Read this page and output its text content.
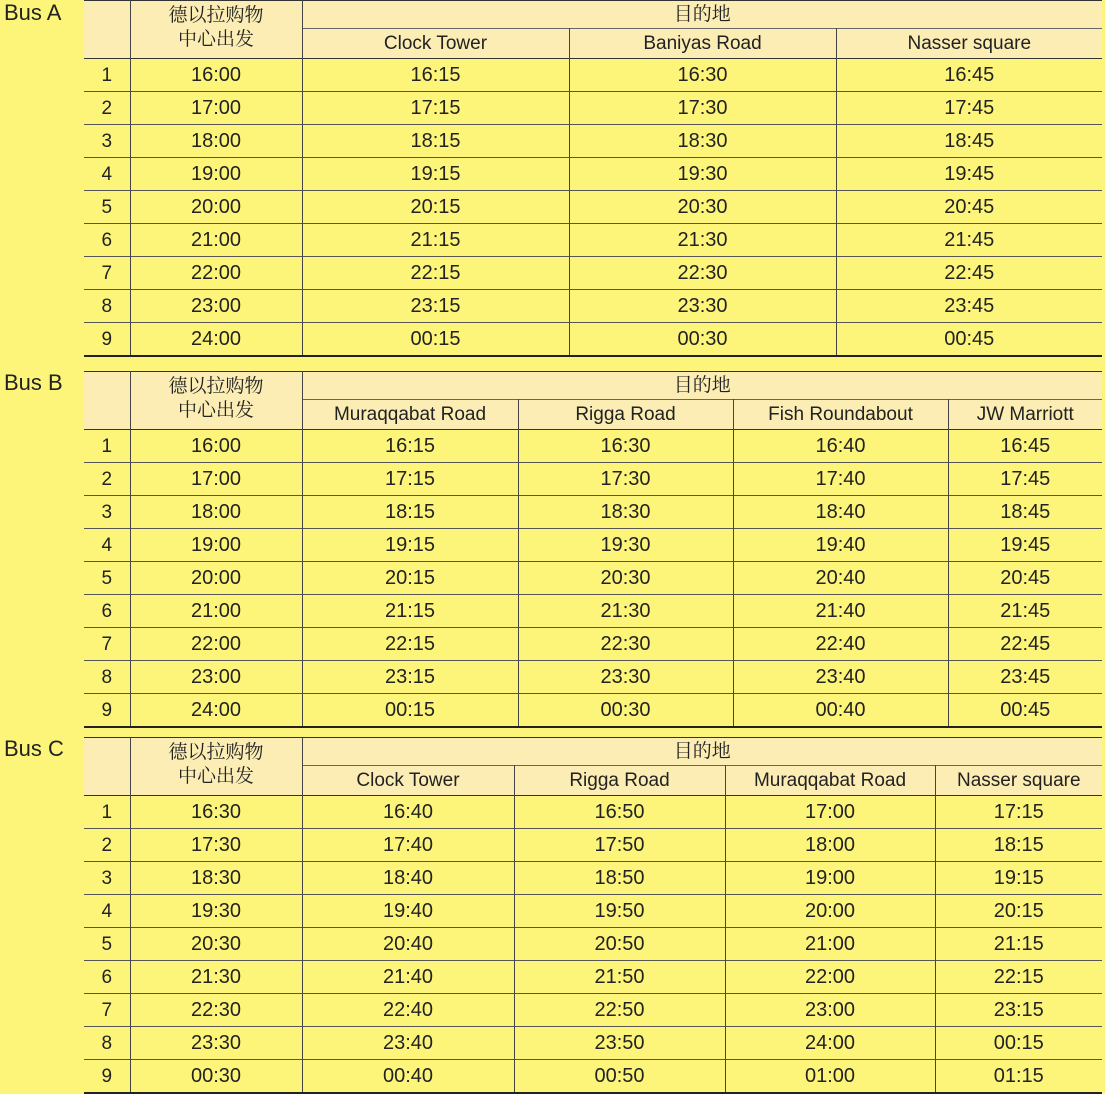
Bus A

	德以拉购物
中心出发	目的地		
		Clock Tower	Baniyas Road	Nasser square
1	16:00	16:15	16:30	16:45
2	17:00	17:15	17:30	17:45
3	18:00	18:15	18:30	18:45
4	19:00	19:15	19:30	19:45
5	20:00	20:15	20:30	20:45
6	21:00	21:15	21:30	21:45
7	22:00	22:15	22:30	22:45
8	23:00	23:15	23:30	23:45
9	24:00	00:15	00:30	00:45
Bus B

	德以拉购物
中心出发	目的地			
		Muraqqabat Road	Rigga Road	Fish Roundabout	JW Marriott
1	16:00	16:15	16:30	16:40	16:45
2	17:00	17:15	17:30	17:40	17:45
3	18:00	18:15	18:30	18:40	18:45
4	19:00	19:15	19:30	19:40	19:45
5	20:00	20:15	20:30	20:40	20:45
6	21:00	21:15	21:30	21:40	21:45
7	22:00	22:15	22:30	22:40	22:45
8	23:00	23:15	23:30	23:40	23:45
9	24:00	00:15	00:30	00:40	00:45
Bus C

	德以拉购物
中心出发	目的地			
		Clock Tower	Rigga Road	Muraqqabat Road	Nasser square
1	16:30	16:40	16:50	17:00	17:15
2	17:30	17:40	17:50	18:00	18:15
3	18:30	18:40	18:50	19:00	19:15
4	19:30	19:40	19:50	20:00	20:15
5	20:30	20:40	20:50	21:00	21:15
6	21:30	21:40	21:50	22:00	22:15
7	22:30	22:40	22:50	23:00	23:15
8	23:30	23:40	23:50	24:00	00:15
9	00:30	00:40	00:50	01:00	01:15
